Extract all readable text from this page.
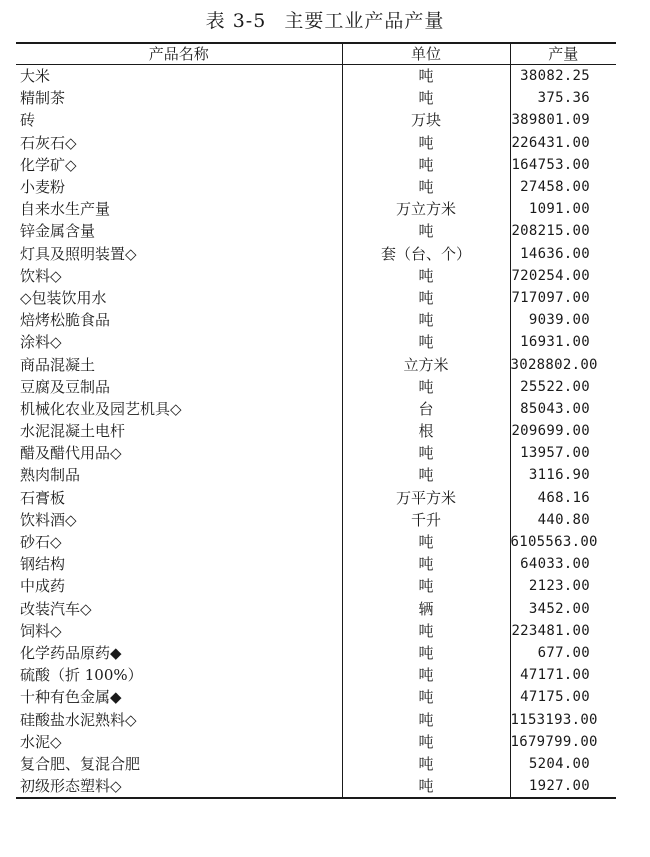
表 3-5 主要工业产品产量
产品名称	单位	产量
大米	吨	38082.25
精制茶	吨	375.36
砖	万块	389801.09
石灰石◇	吨	226431.00
化学矿◇	吨	164753.00
小麦粉	吨	27458.00
自来水生产量	万立方米	1091.00
锌金属含量	吨	208215.00
灯具及照明装置◇	套（台、个）	14636.00
饮料◇	吨	720254.00
◇包装饮用水	吨	717097.00
焙烤松脆食品	吨	9039.00
涂料◇	吨	16931.00
商品混凝土	立方米	3028802.00
豆腐及豆制品	吨	25522.00
机械化农业及园艺机具◇	台	85043.00
水泥混凝土电杆	根	209699.00
醋及醋代用品◇	吨	13957.00
熟肉制品	吨	3116.90
石膏板	万平方米	468.16
饮料酒◇	千升	440.80
砂石◇	吨	6105563.00
钢结构	吨	64033.00
中成药	吨	2123.00
改装汽车◇	辆	3452.00
饲料◇	吨	223481.00
化学药品原药◆	吨	677.00
硫酸（折 100%）	吨	47171.00
十种有色金属◆	吨	47175.00
硅酸盐水泥熟料◇	吨	1153193.00
水泥◇	吨	1679799.00
复合肥、复混合肥	吨	5204.00
初级形态塑料◇	吨	1927.00
